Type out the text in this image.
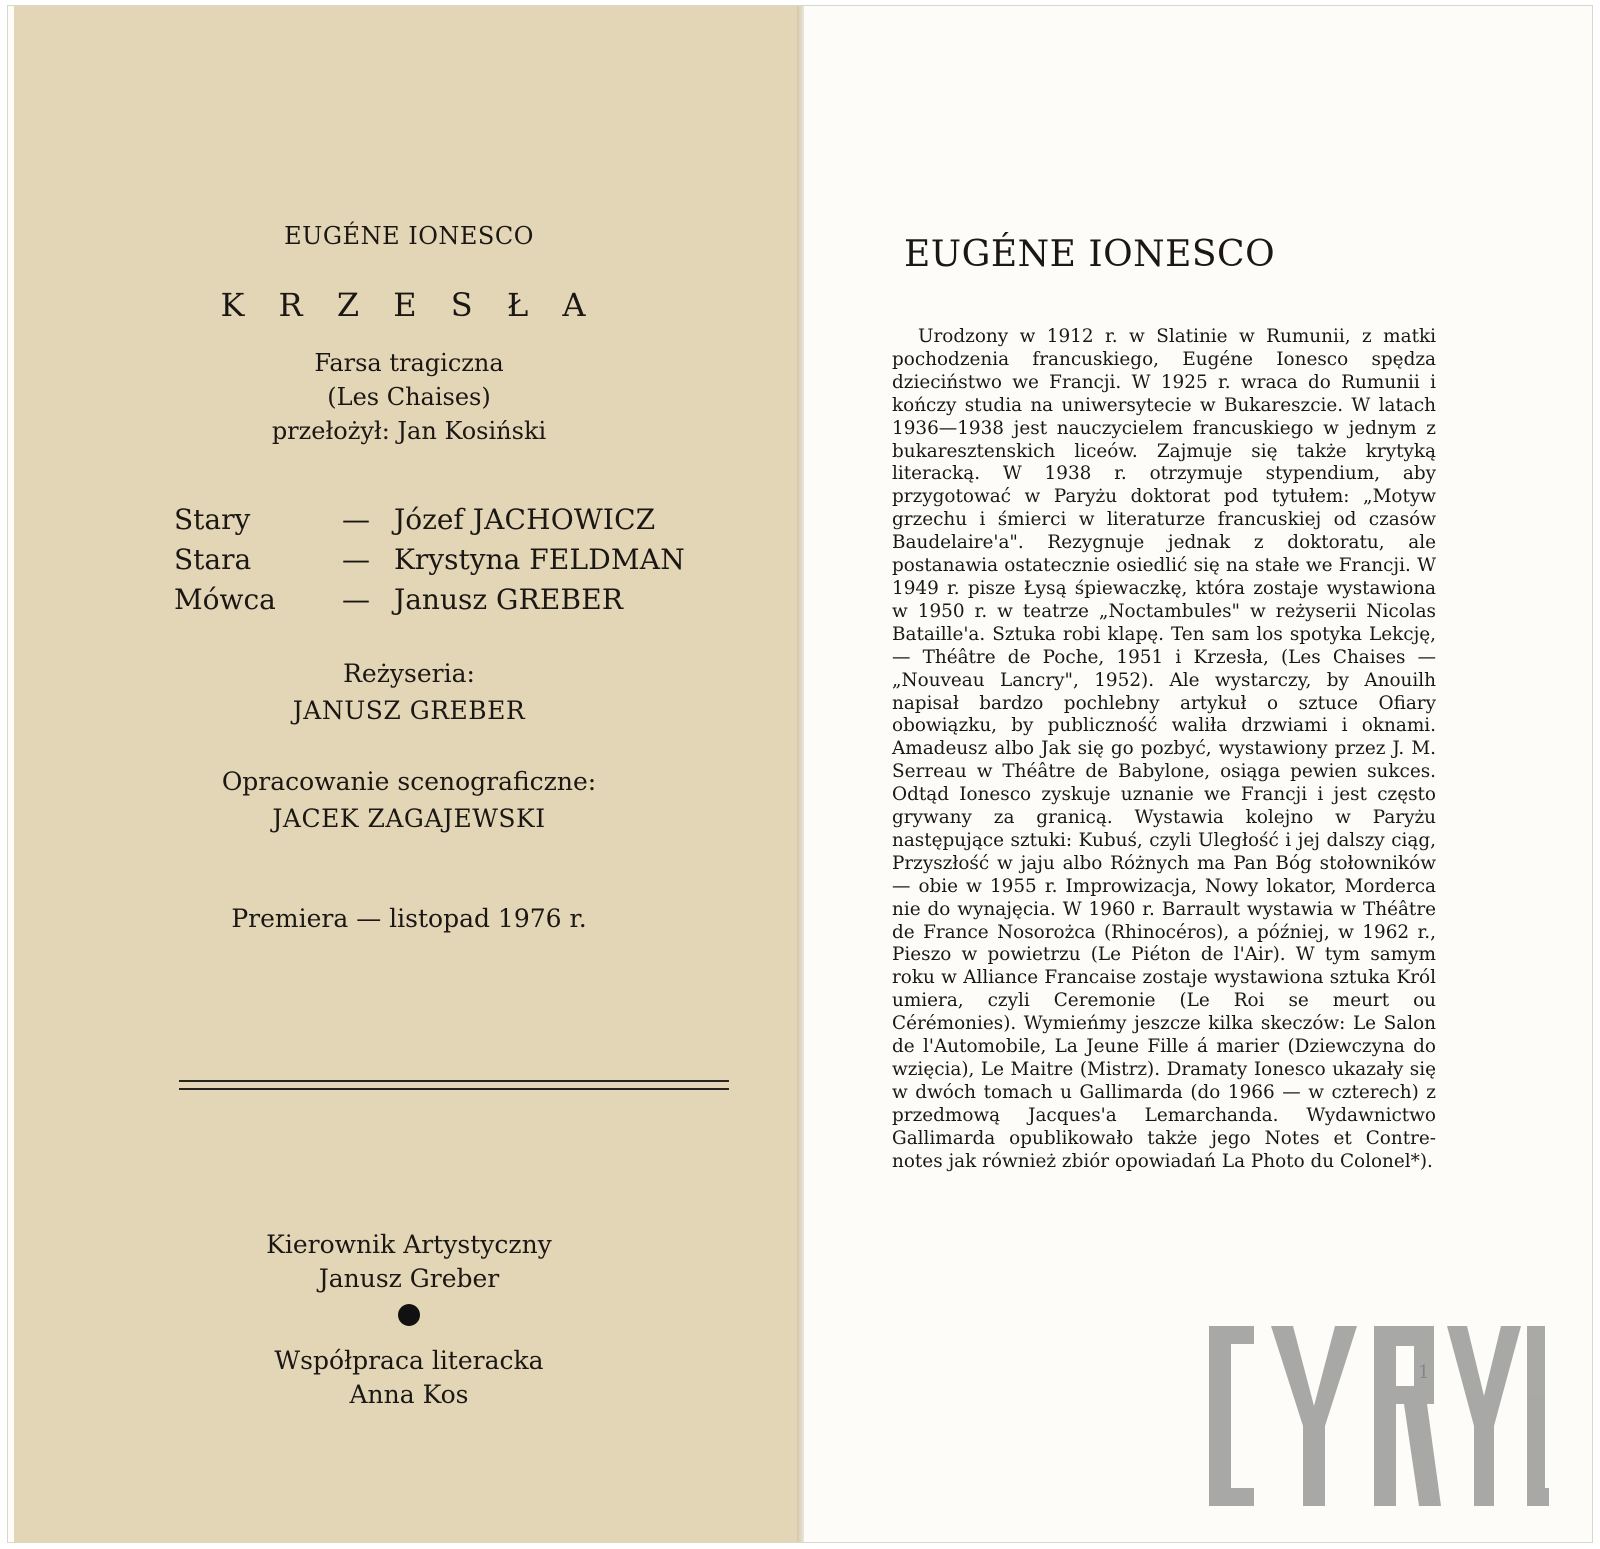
EUGÉNE IONESCO
K R Z E S Ł A
Farsa tragiczna
(Les Chaises)
przełożył: Jan Kosiński
Stary	— Józef JACHOWICZ
Stara	— Krystyna FELDMAN
Mówca	— Janusz GREBER
Reżyseria:
JANUSZ GREBER
Opracowanie scenograficzne:
JACEK ZAGAJEWSKI
Premiera — listopad 1976 r.
Kierownik Artystyczny
Janusz Greber
Współpraca literacka
Anna Kos
EUGÉNE IONESCO
Urodzony w 1912 r. w Slatinie w Rumunii, z matki pochodzenia francuskiego, Eugéne Ionesco spędza dzieciństwo we Francji. W 1925 r. wraca do Rumunii i kończy studia na uniwersytecie w Bukareszcie. W latach 1936—1938 jest nauczycielem francuskiego w jednym z bukaresztenskich liceów. Zajmuje się także krytyką literacką. W 1938 r. otrzymuje stypendium, aby przygotować w Paryżu doktorat pod tytułem: „Motyw grzechu i śmierci w literaturze francuskiej od czasów Baudelaire'a". Rezygnuje jednak z doktoratu, ale postanawia ostatecznie osiedlić się na stałe we Francji. W 1949 r. pisze Łysą śpiewaczkę, która zostaje wystawiona w 1950 r. w teatrze „Noctambules" w reżyserii Nicolas Bataille'a. Sztuka robi klapę. Ten sam los spotyka Lekcję, — Théâtre de Poche, 1951 i Krzesła, (Les Chaises — „Nouveau Lancry", 1952). Ale wystarczy, by Anouilh napisał bardzo pochlebny artykuł o sztuce Ofiary obowiązku, by publiczność waliła drzwiami i oknami. Amadeusz albo Jak się go pozbyć, wystawiony przez J. M. Serreau w Théâtre de Babylone, osiąga pewien sukces. Odtąd Ionesco zyskuje uznanie we Francji i jest często grywany za granicą. Wystawia kolejno w Paryżu następujące sztuki: Kubuś, czyli Uległość i jej dalszy ciąg, Przyszłość w jaju albo Różnych ma Pan Bóg stołowników — obie w 1955 r. Improwizacja, Nowy lokator, Morderca nie do wynajęcia. W 1960 r. Barrault wystawia w Théâtre de France Nosorożca (Rhinocéros), a później, w 1962 r., Pieszo w powietrzu (Le Piéton de l'Air). W tym samym roku w Alliance Francaise zostaje wystawiona sztuka Król umiera, czyli Ceremonie (Le Roi se meurt ou Cérémonies). Wymieńmy jeszcze kilka skeczów: Le Salon de l'Automobile, La Jeune Fille á marier (Dziewczyna do wzięcia), Le Maitre (Mistrz). Dramaty Ionesco ukazały się w dwóch tomach u Gallimarda (do 1966 — w czterech) z przedmową Jacques'a Lemarchanda. Wydawnictwo Gallimarda opublikowało także jego Notes et Contre-notes jak również zbiór opowiadań La Photo du Colonel*).
CYRYL
